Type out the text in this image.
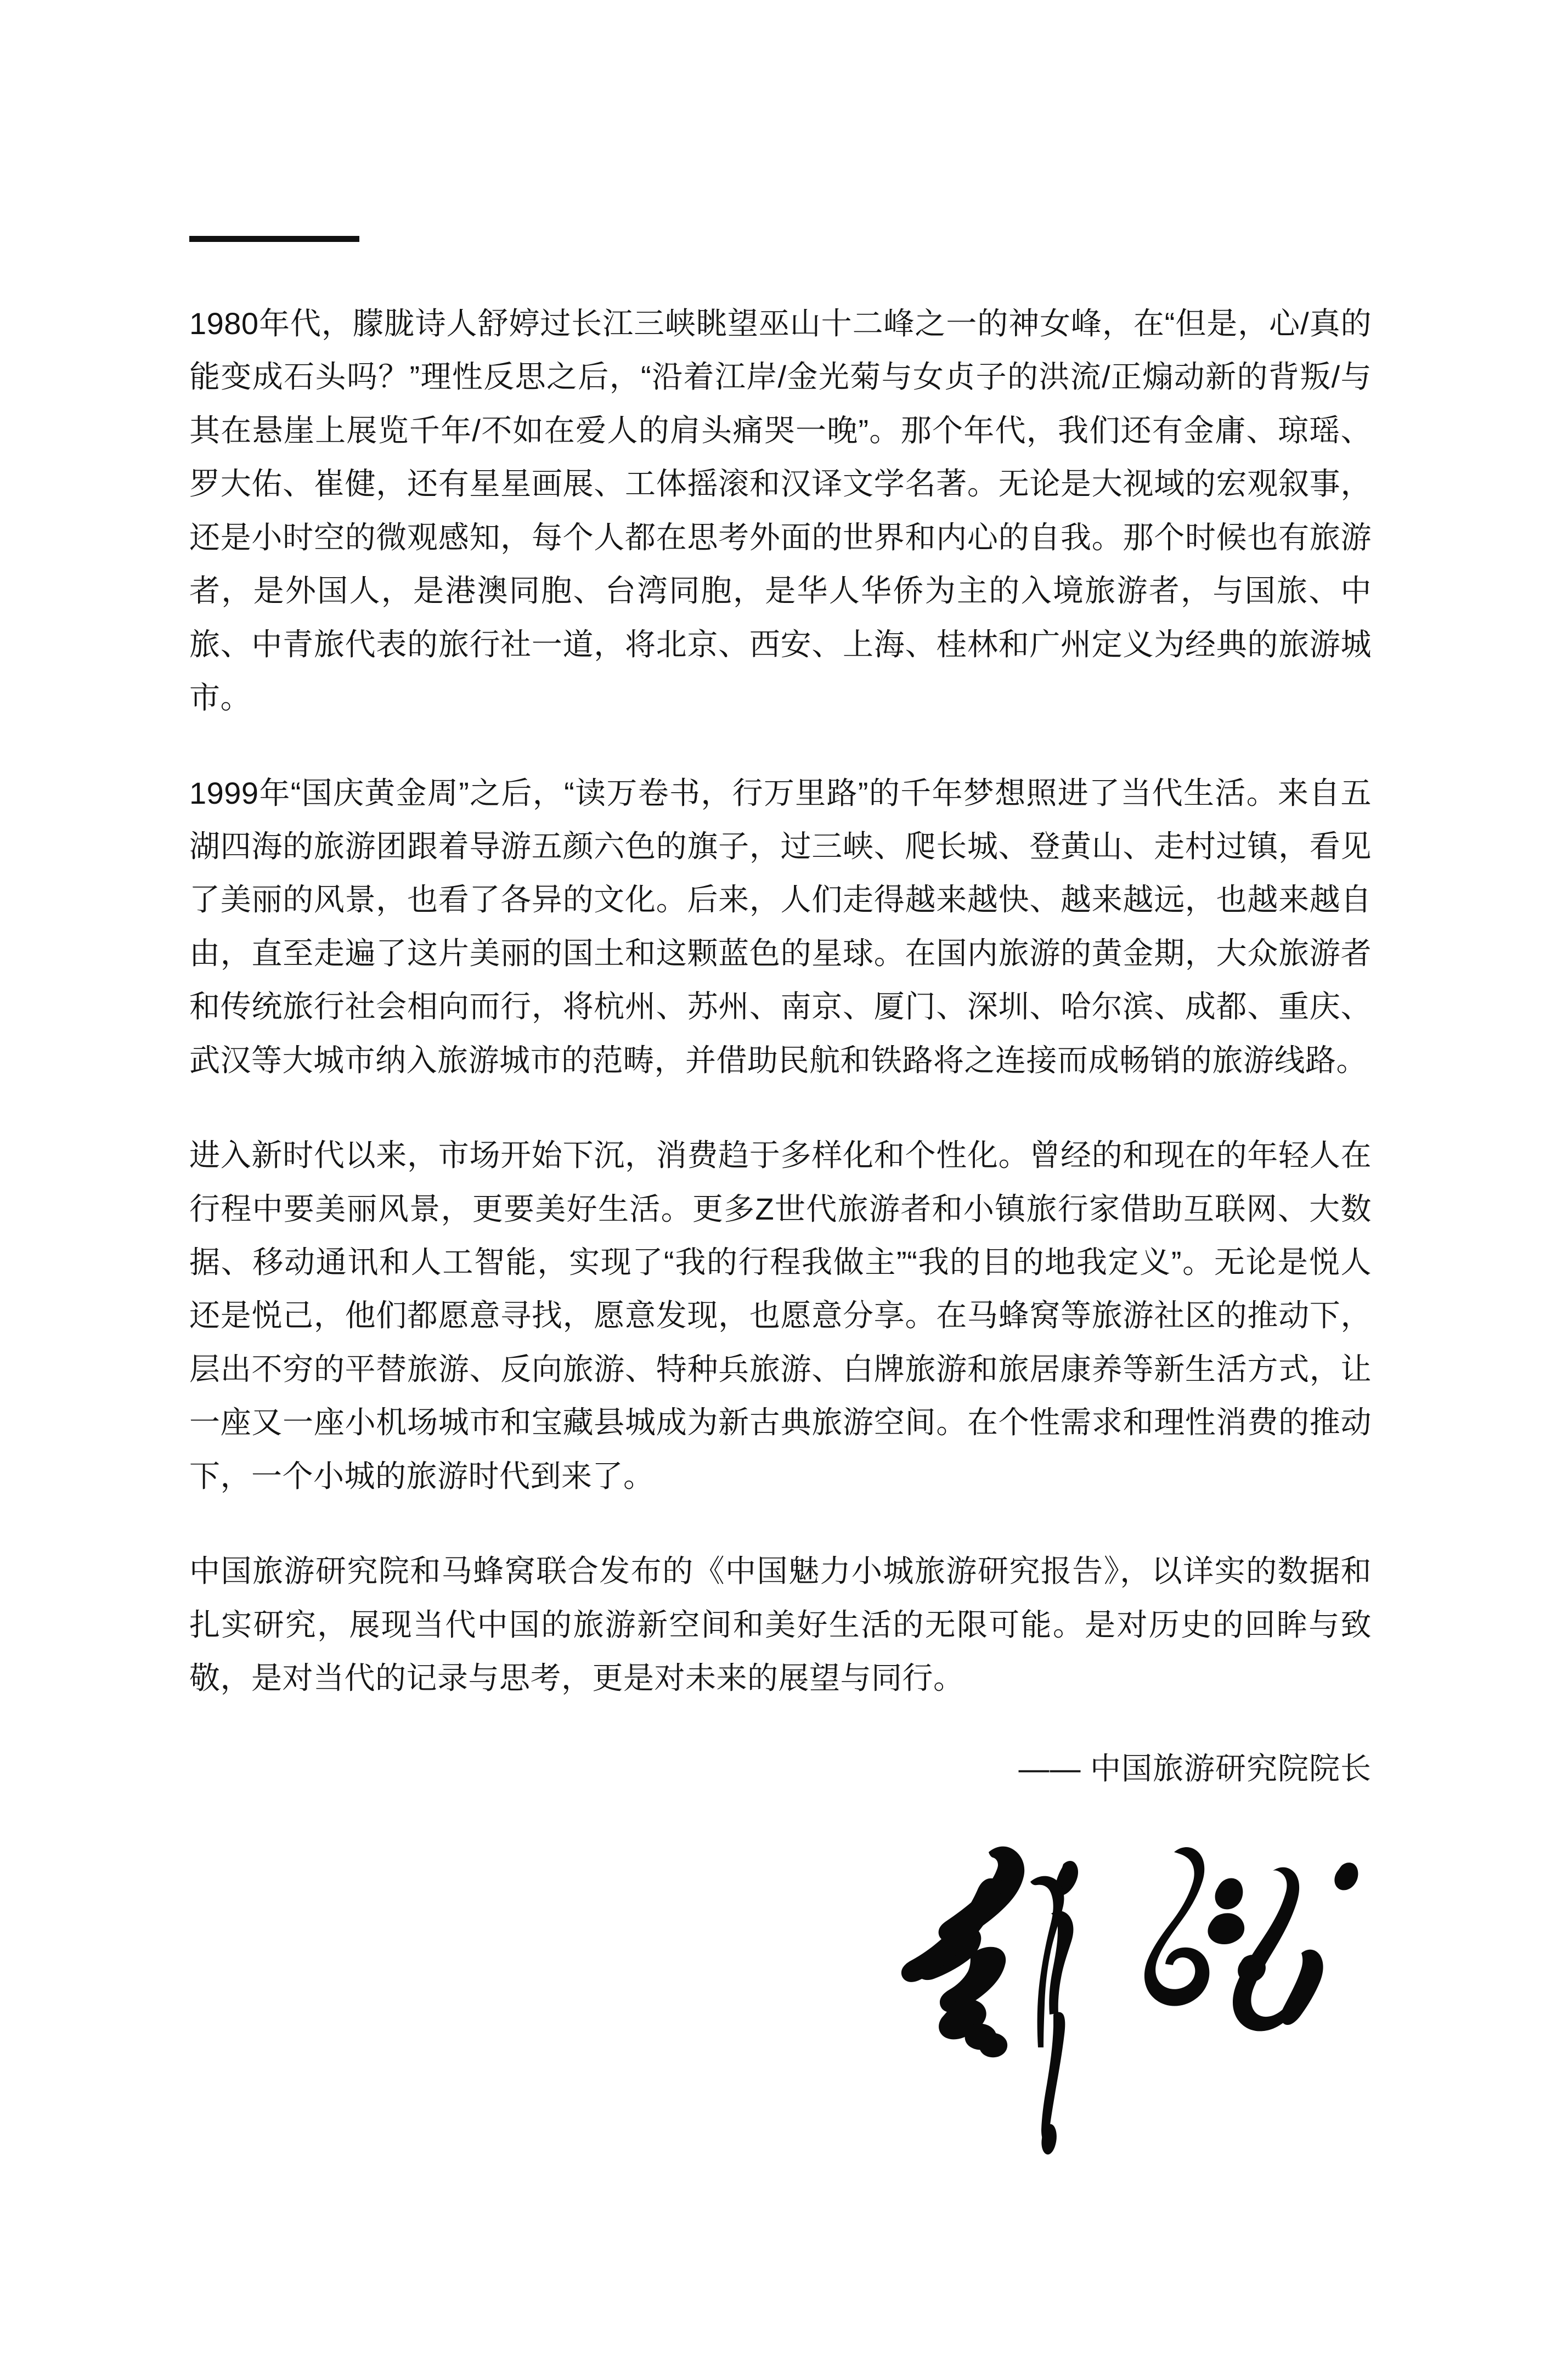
1980年代，朦胧诗人舒婷过长江三峡眺望巫山十二峰之一的神女峰，在“但是，心/真的能变成石头吗？”理性反思之后，“沿着江岸/金光菊与女贞子的洪流/正煽动新的背叛/与其在悬崖上展览千年/不如在爱人的肩头痛哭一晚”。那个年代，我们还有金庸、琼瑶、罗大佑、崔健，还有星星画展、工体摇滚和汉译文学名著。无论是大视域的宏观叙事，还是小时空的微观感知，每个人都在思考外面的世界和内心的自我。那个时候也有旅游者，是外国人，是港澳同胞、台湾同胞，是华人华侨为主的入境旅游者，与国旅、中旅、中青旅代表的旅行社一道，将北京、西安、上海、桂林和广州定义为经典的旅游城市。

1999年“国庆黄金周”之后，“读万卷书，行万里路”的千年梦想照进了当代生活。来自五湖四海的旅游团跟着导游五颜六色的旗子，过三峡、爬长城、登黄山、走村过镇，看见了美丽的风景，也看了各异的文化。后来，人们走得越来越快、越来越远，也越来越自由，直至走遍了这片美丽的国土和这颗蓝色的星球。在国内旅游的黄金期，大众旅游者和传统旅行社会相向而行，将杭州、苏州、南京、厦门、深圳、哈尔滨、成都、重庆、武汉等大城市纳入旅游城市的范畴，并借助民航和铁路将之连接而成畅销的旅游线路。

进入新时代以来，市场开始下沉，消费趋于多样化和个性化。曾经的和现在的年轻人在行程中要美丽风景，更要美好生活。更多Z世代旅游者和小镇旅行家借助互联网、大数据、移动通讯和人工智能，实现了“我的行程我做主”“我的目的地我定义”。无论是悦人还是悦己，他们都愿意寻找，愿意发现，也愿意分享。在马蜂窝等旅游社区的推动下，层出不穷的平替旅游、反向旅游、特种兵旅游、白牌旅游和旅居康养等新生活方式，让一座又一座小机场城市和宝藏县城成为新古典旅游空间。在个性需求和理性消费的推动下，一个小城的旅游时代到来了。

中国旅游研究院和马蜂窝联合发布的《中国魅力小城旅游研究报告》，以详实的数据和扎实研究，展现当代中国的旅游新空间和美好生活的无限可能。是对历史的回眸与致敬，是对当代的记录与思考，更是对未来的展望与同行。

—— 中国旅游研究院院长
